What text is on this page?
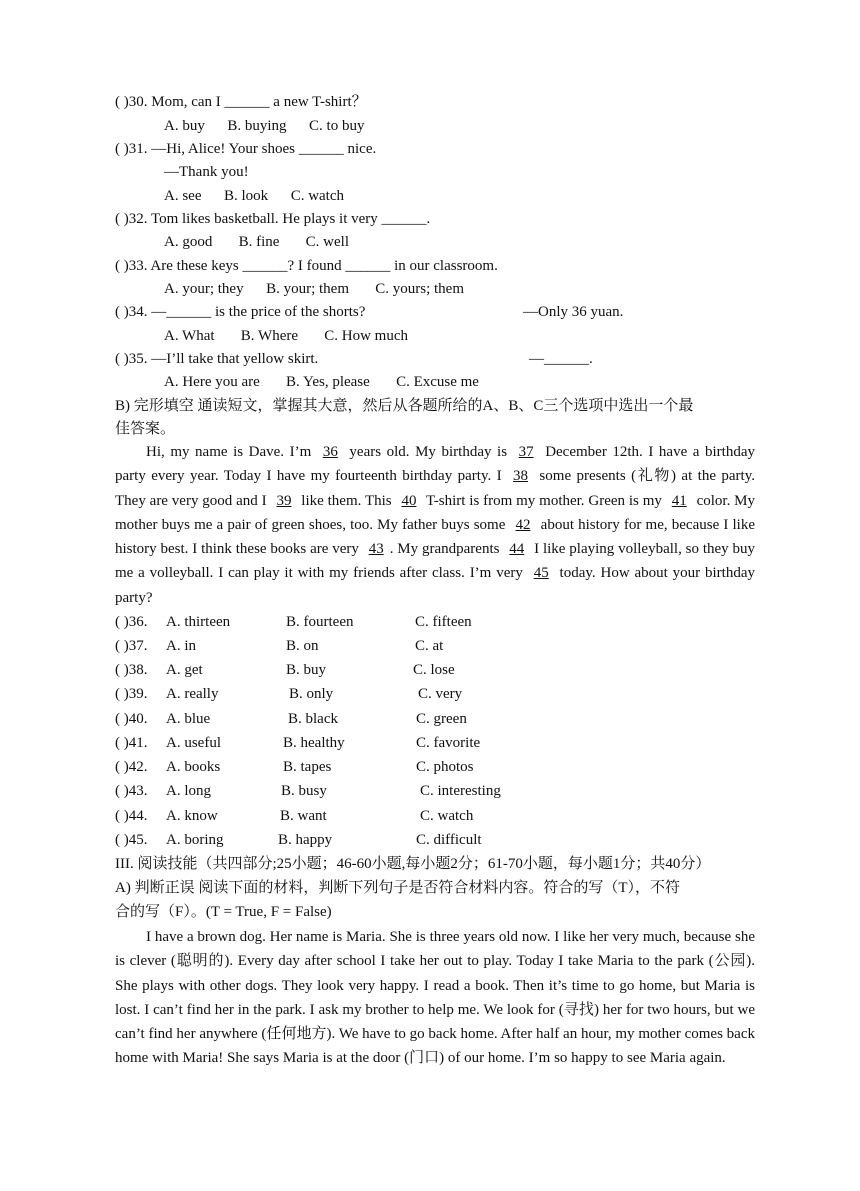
( )30. Mom, can I ______ a new T-shirt？
A. buy B. buying C. to buy
( )31. —Hi, Alice! Your shoes ______ nice.
—Thank you!
A. see B. look C. watch
( )32. Tom likes basketball. He plays it very ______.
A. good B. fine C. well
( )33. Are these keys ______? I found ______ in our classroom.
A. your; they B. your; them C. yours; them
( )34. —______ is the price of the shorts?	—Only 36 yuan.
A. What B. Where C. How much
( )35. —I’ll take that yellow skirt.	—______.
A. Here you are B. Yes, please C. Excuse me
B) 完形填空 通读短文，掌握其大意，然后从各题所给的A、B、C三个选项中选出一个最
佳答案。

Hi, my name is Dave. I’m 36 years old. My birthday is 37 December 12th. I have a birthday party every year. Today I have my fourteenth birthday party. I 38 some presents (礼物) at the party. They are very good and I 39 like them. This 40 T-shirt is from my mother. Green is my 41 color. My mother buys me a pair of green shoes, too. My father buys some 42 about history for me, because I like history best. I think these books are very 43 . My grandparents 44 I like playing volleyball, so they buy me a volleyball. I can play it with my friends after class. I’m very 45 today. How about your birthday party?

( )36. A. thirteen	B. fourteen	C. fifteen
( )37. A. in	B. on	C. at
( )38. A. get	B. buy	C. lose
( )39. A. really	B. only	C. very
( )40. A. blue	B. black	C. green
( )41. A. useful	B. healthy	C. favorite
( )42. A. books	B. tapes	C. photos
( )43. A. long	B. busy	C. interesting
( )44. A. know	B. want	C. watch
( )45. A. boring	B. happy	C. difficult
III. 阅读技能（共四部分;25小题；46-60小题,每小题2分；61-70小题，每小题1分；共40分）
A) 判断正误 阅读下面的材料，判断下列句子是否符合材料内容。符合的写（T），不符
合的写（F）。(T = True, F = False)

I have a brown dog. Her name is Maria. She is three years old now. I like her very much, because she is clever (聪明的). Every day after school I take her out to play. Today I take Maria to the park (公园). She plays with other dogs. They look very happy. I read a book. Then it’s time to go home, but Maria is lost. I can’t find her in the park. I ask my brother to help me. We look for (寻找) her for two hours, but we can’t find her anywhere (任何地方). We have to go back home. After half an hour, my mother comes back home with Maria! She says Maria is at the door (门口) of our home. I’m so happy to see Maria again.
